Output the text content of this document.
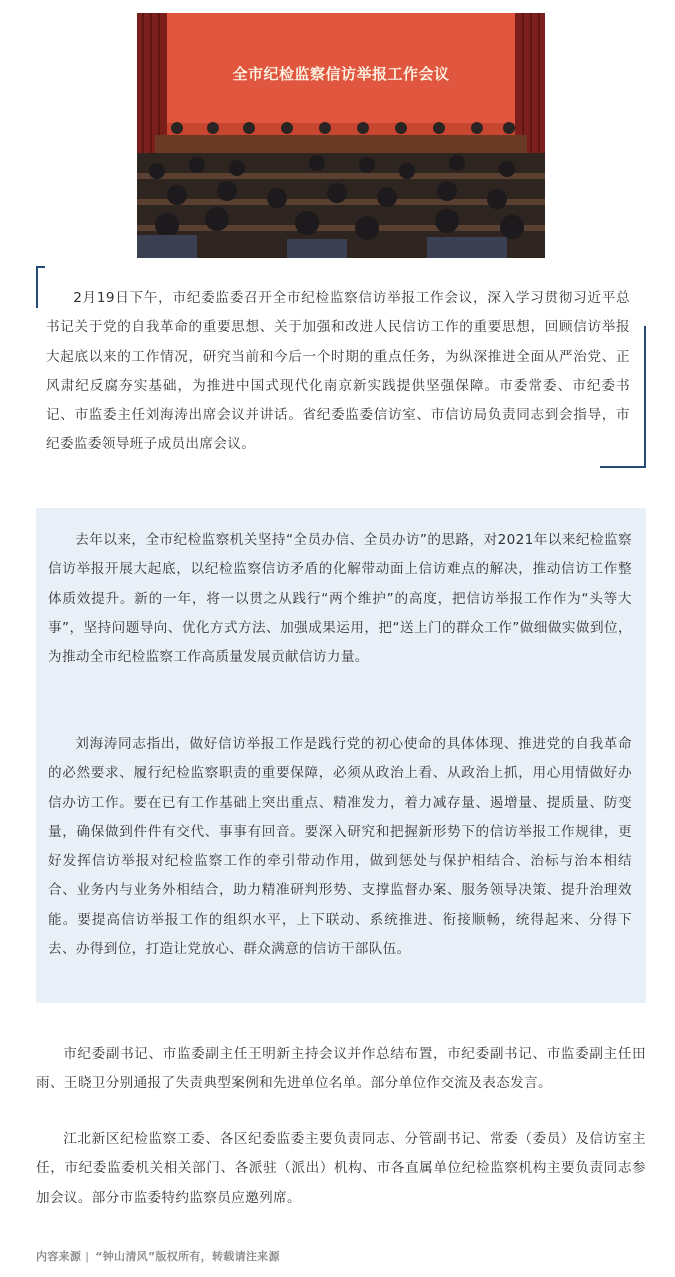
全市纪检监察信访举报工作会议

2月19日下午，市纪委监委召开全市纪检监察信访举报工作会议，深入学习贯彻习近平总书记关于党的自我革命的重要思想、关于加强和改进人民信访工作的重要思想，回顾信访举报大起底以来的工作情况，研究当前和今后一个时期的重点任务，为纵深推进全面从严治党、正风肃纪反腐夯实基础，为推进中国式现代化南京新实践提供坚强保障。市委常委、市纪委书记、市监委主任刘海涛出席会议并讲话。省纪委监委信访室、市信访局负责同志到会指导，市纪委监委领导班子成员出席会议。

去年以来，全市纪检监察机关坚持“全员办信、全员办访”的思路，对2021年以来纪检监察信访举报开展大起底，以纪检监察信访矛盾的化解带动面上信访难点的解决，推动信访工作整体质效提升。新的一年，将一以贯之从践行“两个维护”的高度，把信访举报工作作为“头等大事”，坚持问题导向、优化方式方法、加强成果运用，把“送上门的群众工作”做细做实做到位，为推动全市纪检监察工作高质量发展贡献信访力量。

刘海涛同志指出，做好信访举报工作是践行党的初心使命的具体体现、推进党的自我革命的必然要求、履行纪检监察职责的重要保障，必须从政治上看、从政治上抓，用心用情做好办信办访工作。要在已有工作基础上突出重点、精准发力，着力减存量、遏增量、提质量、防变量，确保做到件件有交代、事事有回音。要深入研究和把握新形势下的信访举报工作规律，更好发挥信访举报对纪检监察工作的牵引带动作用，做到惩处与保护相结合、治标与治本相结合、业务内与业务外相结合，助力精准研判形势、支撑监督办案、服务领导决策、提升治理效能。要提高信访举报工作的组织水平，上下联动、系统推进、衔接顺畅，统得起来、分得下去、办得到位，打造让党放心、群众满意的信访干部队伍。

市纪委副书记、市监委副主任王明新主持会议并作总结布置，市纪委副书记、市监委副主任田雨、王晓卫分别通报了失责典型案例和先进单位名单。部分单位作交流及表态发言。

江北新区纪检监察工委、各区纪委监委主要负责同志、分管副书记、常委（委员）及信访室主任，市纪委监委机关相关部门、各派驻（派出）机构、市各直属单位纪检监察机构主要负责同志参加会议。部分市监委特约监察员应邀列席。

内容来源 | “钟山清风”版权所有，转载请注来源
